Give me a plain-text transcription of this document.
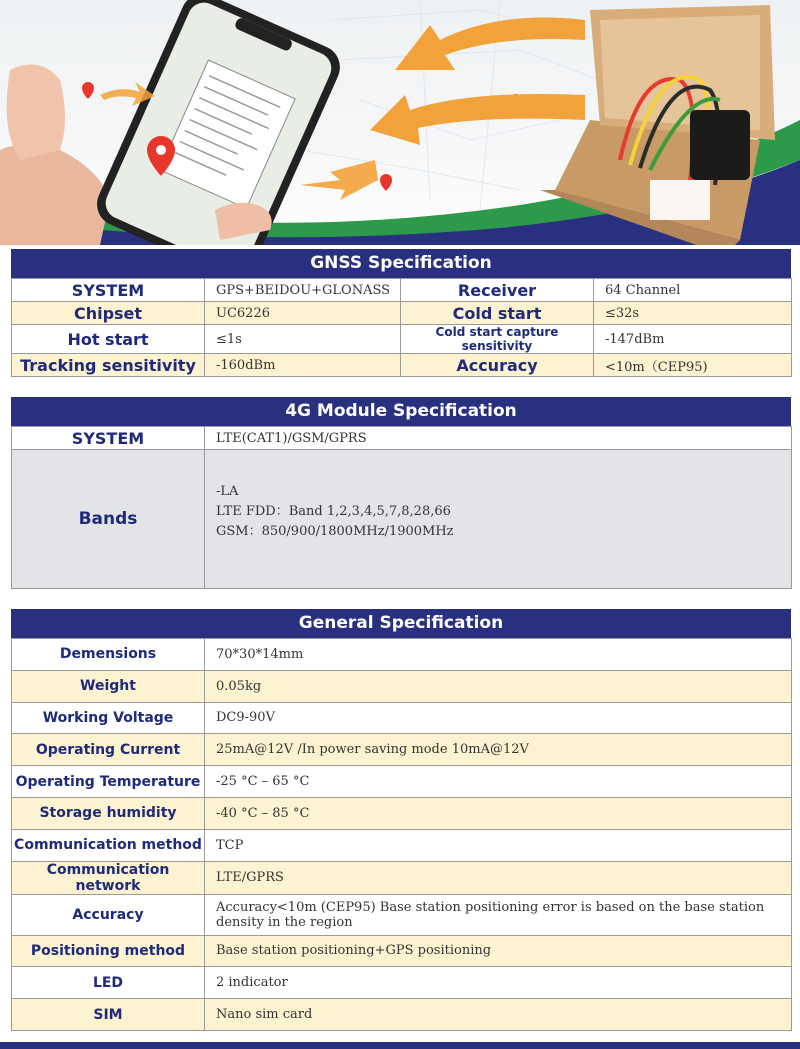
GNSS Specification
SYSTEM	GPS+BEIDOU+GLONASS	Receiver	64 Channel
Chipset	UC6226	Cold start	≤32s
Hot start	≤1s	Cold start capture sensitivity	-147dBm
Tracking sensitivity	-160dBm	Accuracy	<10m（CEP95)
4G Module Specification
SYSTEM	LTE(CAT1)/GSM/GPRS
Bands	-LA
LTE FDD：Band 1,2,3,4,5,7,8,28,66
GSM：850/900/1800MHz/1900MHz
General Specification
Demensions	70*30*14mm
Weight	0.05kg
Working Voltage	DC9-90V
Operating Current	25mA@12V /In power saving mode 10mA@12V
Operating Temperature	-25 °C – 65 °C
Storage humidity	-40 °C – 85 °C
Communication method	TCP
Communication network	LTE/GPRS
Accuracy	Accuracy<10m (CEP95) Base station positioning error is based on the base station density in the region
Positioning method	Base station positioning+GPS positioning
LED	2 indicator
SIM	Nano sim card
